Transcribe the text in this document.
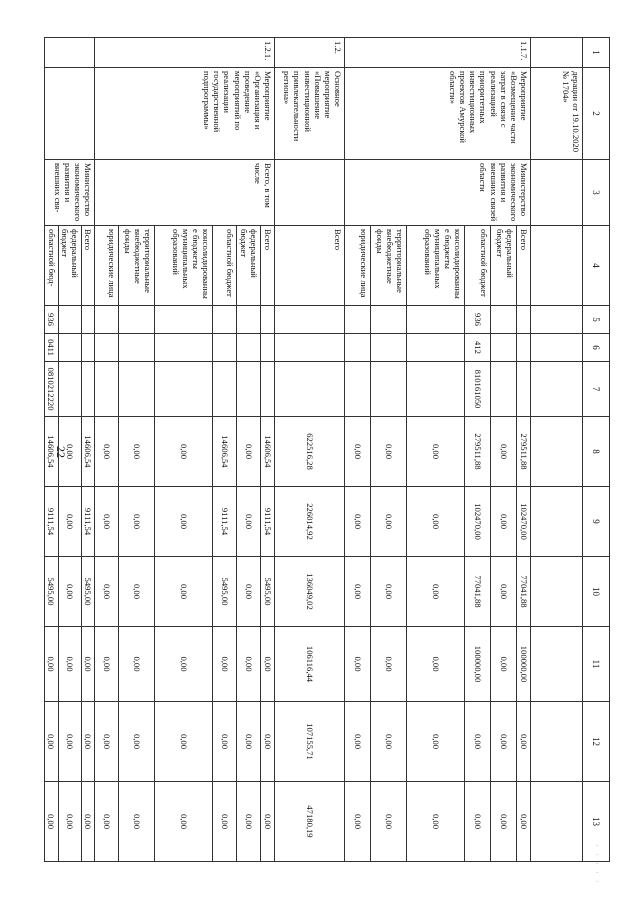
22
1	2	3	4	5	6	7	8	9	10	11	12	13
	дерации от 19.10.2020 № 1704»											
1.1.7.	Мероприятие «Возмещение части затрат в связи с реализацией приоритетных инвестиционных проектов Амурской области»	Министерство экономического развития и внешних связей области	Всего				279511,88	102470,00	77041,88	100000,00	0,00	0,00
			федеральный бюджет				0,00	0,00	0,00	0,00	0,00	0,00
			областной бюджет	936	412	810161050	279511,88	102470,00	77041,88	100000,00	0,00	0,00
			консолидированные бюджеты муниципальных образований				0,00	0,00	0,00	0,00	0,00	0,00
			территориальные внебюджетные фонды				0,00	0,00	0,00	0,00	0,00	0,00
			юридические лица				0,00	0,00	0,00	0,00	0,00	0,00
1.2.	Основное мероприятие «Повышение инвестиционной привлекательности региона»		Всего				622516,28	226014,92	136049,02	106116,44	107155,71	47180,19
1.2.1.	Мероприятие «Организация и проведение мероприятий по реализации государственной подпрограммы»	Всего, в том числе	Всего				14606,54	9111,54	5495,00	0,00	0,00	0,00
			федеральный бюджет				0,00	0,00	0,00	0,00	0,00	0,00
			областной бюджет				14606,54	9111,54	5495,00	0,00	0,00	0,00
			консолидированные бюджеты муниципальных образований				0,00	0,00	0,00	0,00	0,00	0,00
			территориальные внебюджетные фонды				0,00	0,00	0,00	0,00	0,00	0,00
			юридические лица				0,00	0,00	0,00	0,00	0,00	0,00
		Министерство экономического развития и внешних свя-	Всего				14606,54	9111,54	5495,00	0,00	0,00	0,00
			федеральный бюджет				0,00	0,00	0,00	0,00	0,00	0,00
			областной бюд-	936	0411	0810212220	14606,54	9111,54	5495,00	0,00	0,00	0,00
·
·
·
·
·
